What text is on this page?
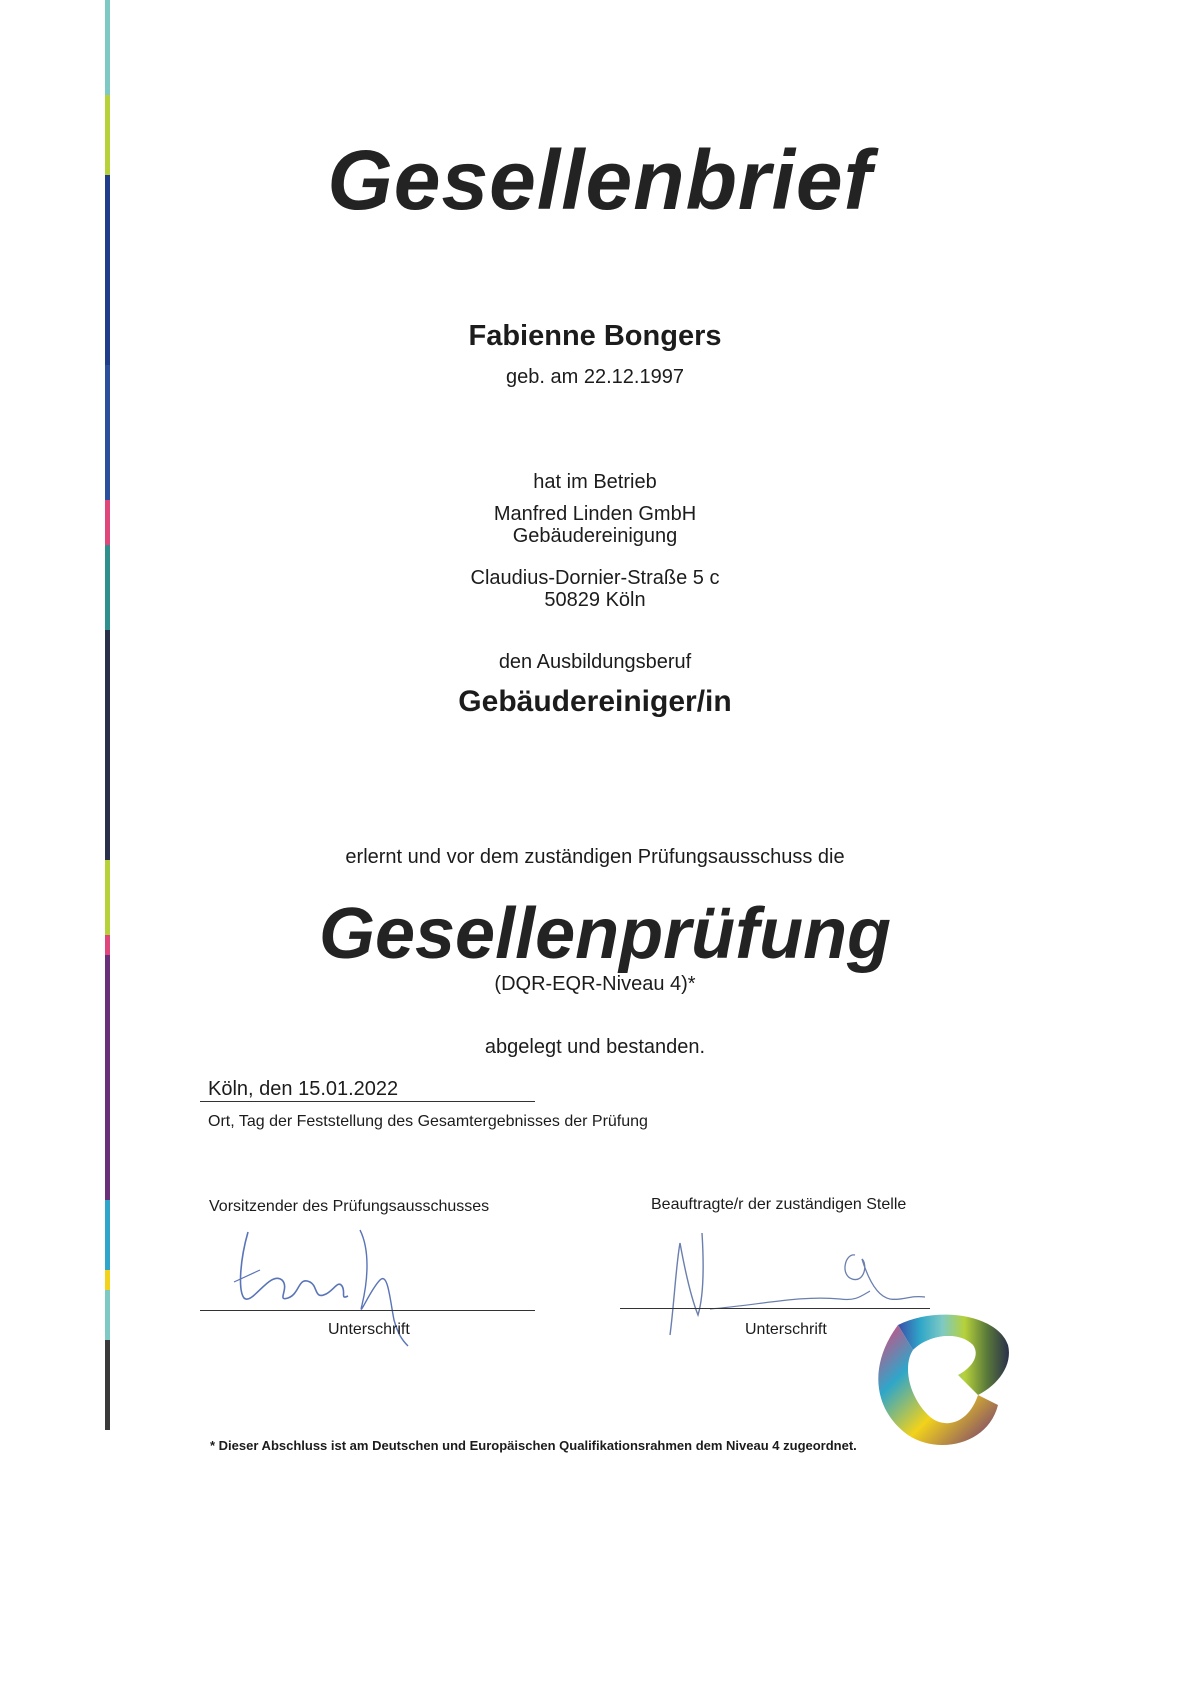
Gesellenbrief
Fabienne Bongers
geb. am 22.12.1997
hat im Betrieb
Manfred Linden GmbH
Gebäudereinigung
Claudius-Dornier-Straße 5 c
50829 Köln
den Ausbildungsberuf
Gebäudereiniger/in
erlernt und vor dem zuständigen Prüfungsausschuss die
Gesellenprüfung
(DQR-EQR-Niveau 4)*
abgelegt und bestanden.
Köln, den 15.01.2022
Ort, Tag der Feststellung des Gesamtergebnisses der Prüfung
Vorsitzender des Prüfungsausschusses
Unterschrift
Beauftragte/r der zuständigen Stelle
Unterschrift
* Dieser Abschluss ist am Deutschen und Europäischen Qualifikationsrahmen dem Niveau 4 zugeordnet.
